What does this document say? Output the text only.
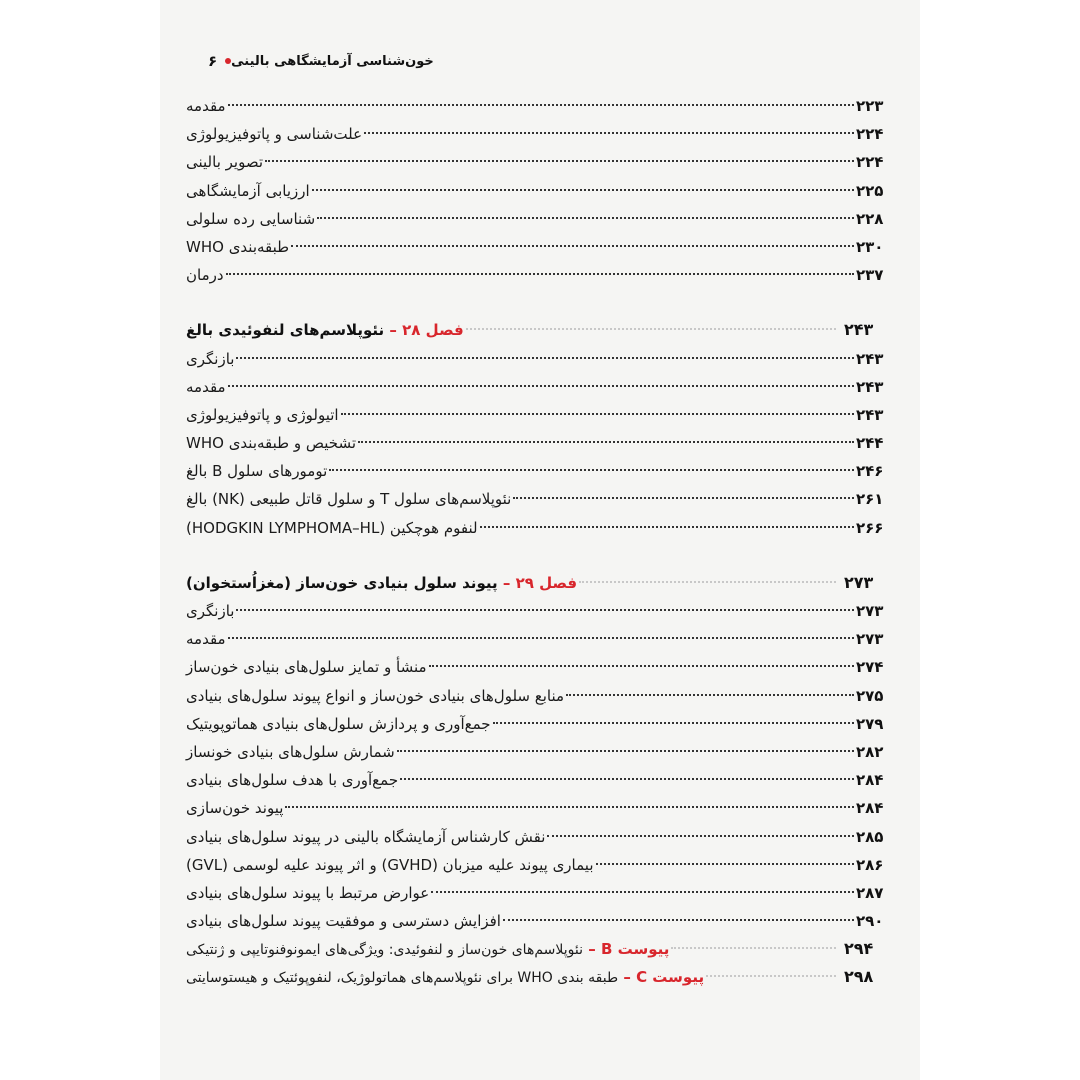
۶ خون‌شناسی آزمایشگاهی بالینی
مقدمه	۲۲۳
علت‌شناسی و پاتوفیزیولوژی	۲۲۴
تصویر بالینی	۲۲۴
ارزیابی آزمایشگاهی	۲۲۵
شناسایی رده سلولی	۲۲۸
طبقه‌بندی WHO	۲۳۰
درمان	۲۳۷
فصل ۲۸ – نئوپلاسم‌های لنفوئیدی بالغ	۲۴۳
بازنگری	۲۴۳
مقدمه	۲۴۳
اتیولوژی و پاتوفیزیولوژی	۲۴۳
تشخیص و طبقه‌بندی WHO	۲۴۴
تومورهای سلول B بالغ	۲۴۶
نئوپلاسم‌های سلول T و سلول قاتل طبیعی (NK) بالغ	۲۶۱
لنفوم هوچکین (HODGKIN LYMPHOMA–HL)	۲۶۶
فصل ۲۹ – پیوند سلول بنیادی خون‌ساز (مغزاُستخوان)	۲۷۳
بازنگری	۲۷۳
مقدمه	۲۷۳
منشأ و تمایز سلول‌های بنیادی خون‌ساز	۲۷۴
منابع سلول‌های بنیادی خون‌ساز و انواع پیوند سلول‌های بنیادی	۲۷۵
جمع‌آوری و پردازش سلول‌های بنیادی هماتوپویتیک	۲۷۹
شمارش سلول‌های بنیادی خونساز	۲۸۲
جمع‌آوری با هدف سلول‌های بنیادی	۲۸۴
پیوند خون‌سازی	۲۸۴
نقش کارشناس آزمایشگاه بالینی در پیوند سلول‌های بنیادی	۲۸۵
بیماری پیوند علیه میزبان (GVHD) و اثر پیوند علیه لوسمی (GVL)	۲۸۶
عوارض مرتبط با پیوند سلول‌های بنیادی	۲۸۷
افزایش دسترسی و موفقیت پیوند سلول‌های بنیادی	۲۹۰
پیوست B – نئوپلاسم‌های خون‌ساز و لنفوئیدی: ویژگی‌های ایمونوفنوتایپی و ژنتیکی	۲۹۴
پیوست C – طبقه بندی WHO برای نئوپلاسم‌های هماتولوژیک، لنفوپوئتیک و هیستوسایتی	۲۹۸
